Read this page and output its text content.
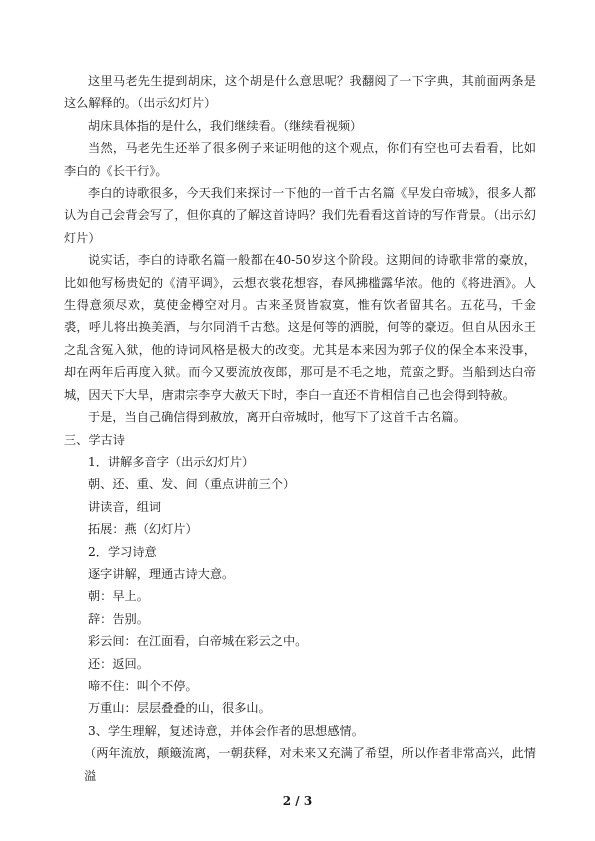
这里马老先生提到胡床，这个胡是什么意思呢？我翻阅了一下字典，其前面两条是这么解释的。（出示幻灯片）

胡床具体指的是什么，我们继续看。（继续看视频）

当然，马老先生还举了很多例子来证明他的这个观点，你们有空也可去看看，比如李白的《长干行》。

李白的诗歌很多，今天我们来探讨一下他的一首千古名篇《早发白帝城》，很多人都认为自己会背会写了，但你真的了解这首诗吗？我们先看看这首诗的写作背景。（出示幻灯片）

说实话，李白的诗歌名篇一般都在40-50岁这个阶段。这期间的诗歌非常的豪放，比如他写杨贵妃的《清平调》，云想衣裳花想容，春风拂槛露华浓。他的《将进酒》。人生得意须尽欢，莫使金樽空对月。古来圣贤皆寂寞，惟有饮者留其名。五花马，千金裘，呼儿将出换美酒，与尔同消千古愁。这是何等的洒脱，何等的豪迈。但自从因永王之乱含冤入狱，他的诗词风格是极大的改变。尤其是本来因为郭子仪的保全本来没事，却在两年后再度入狱。而今又要流放夜郎，那可是不毛之地，荒蛮之野。当船到达白帝城，因天下大旱，唐肃宗李亨大赦天下时，李白一直还不肯相信自己也会得到特赦。

于是，当自己确信得到赦放，离开白帝城时，他写下了这首千古名篇。

三、学古诗

1．讲解多音字（出示幻灯片）

朝、还、重、发、间（重点讲前三个）

讲读音，组词

拓展：燕（幻灯片）

2．学习诗意

逐字讲解，理通古诗大意。

朝：早上。

辞：告别。

彩云间：在江面看，白帝城在彩云之中。

还：返回。

啼不住：叫个不停。

万重山：层层叠叠的山，很多山。

3、学生理解，复述诗意，并体会作者的思想感情。

（两年流放，颠簸流离，一朝获释，对未来又充满了希望，所以作者非常高兴，此情溢

2 / 3
